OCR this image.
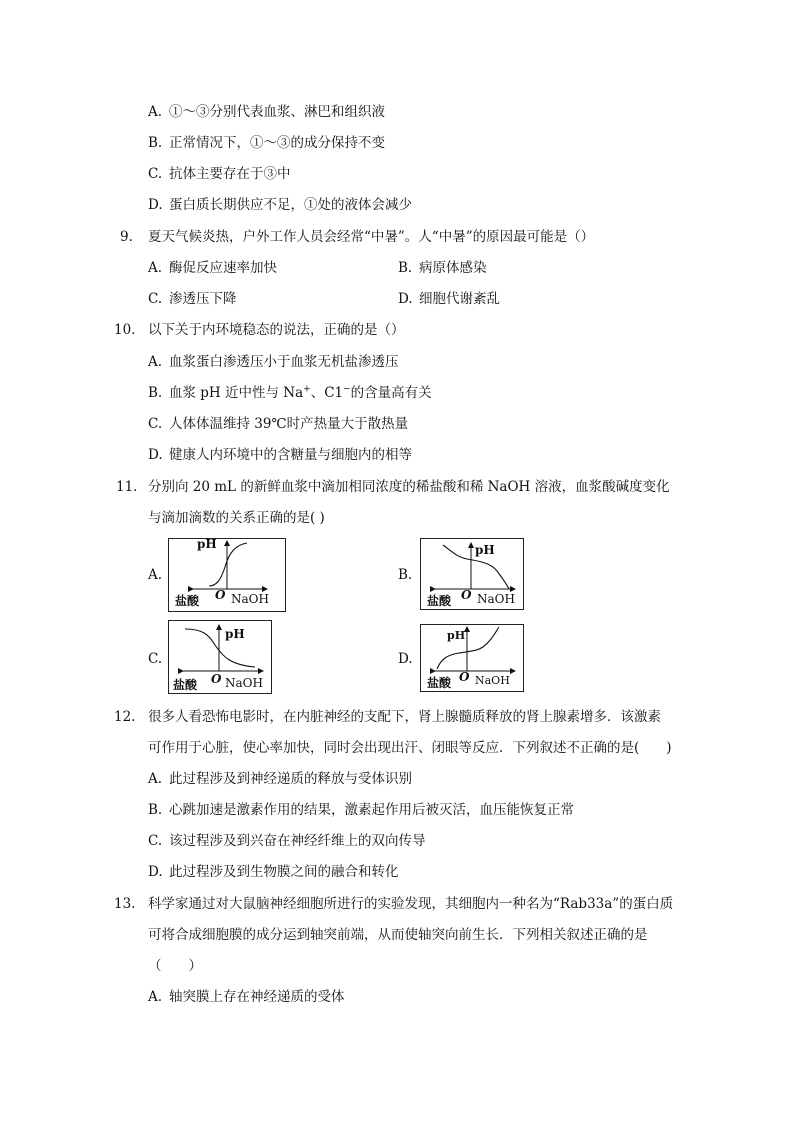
A. ①～③分别代表血浆、淋巴和组织液
B. 正常情况下，①～③的成分保持不变
C. 抗体主要存在于③中
D. 蛋白质长期供应不足，①处的液体会减少
9. 夏天气候炎热，户外工作人员会经常“中暑”。人“中暑”的原因最可能是（）
A. 酶促反应速率加快	B. 病原体感染
C. 渗透压下降	D. 细胞代谢紊乱
10. 以下关于内环境稳态的说法，正确的是（）
A. 血浆蛋白渗透压小于血浆无机盐渗透压
B. 血浆 pH 近中性与 Na+、C1−的含量高有关
C. 人体体温维持 39℃时产热量大于散热量
D. 健康人内环境中的含糖量与细胞内的相等
11. 分别向 20 mL 的新鲜血浆中滴加相同浓度的稀盐酸和稀 NaOH 溶液，血浆酸碱度变化
与滴加滴数的关系正确的是( )
A.
pH
O
盐酸	NaOH
B.
pH
O
盐酸 NaOH
C.
pH
O
盐酸 NaOH
D.
pH
O
盐酸 NaOH
12. 很多人看恐怖电影时，在内脏神经的支配下，肾上腺髓质释放的肾上腺素增多．该激素
可作用于心脏，使心率加快，同时会出现出汗、闭眼等反应．下列叙述不正确的是(　　)
A. 此过程涉及到神经递质的释放与受体识别
B. 心跳加速是激素作用的结果，激素起作用后被灭活，血压能恢复正常
C. 该过程涉及到兴奋在神经纤维上的双向传导
D. 此过程涉及到生物膜之间的融合和转化
13. 科学家通过对大鼠脑神经细胞所进行的实验发现，其细胞内一种名为“Rab33a”的蛋白质
可将合成细胞膜的成分运到轴突前端，从而使轴突向前生长．下列相关叙述正确的是
（　　）
A. 轴突膜上存在神经递质的受体
